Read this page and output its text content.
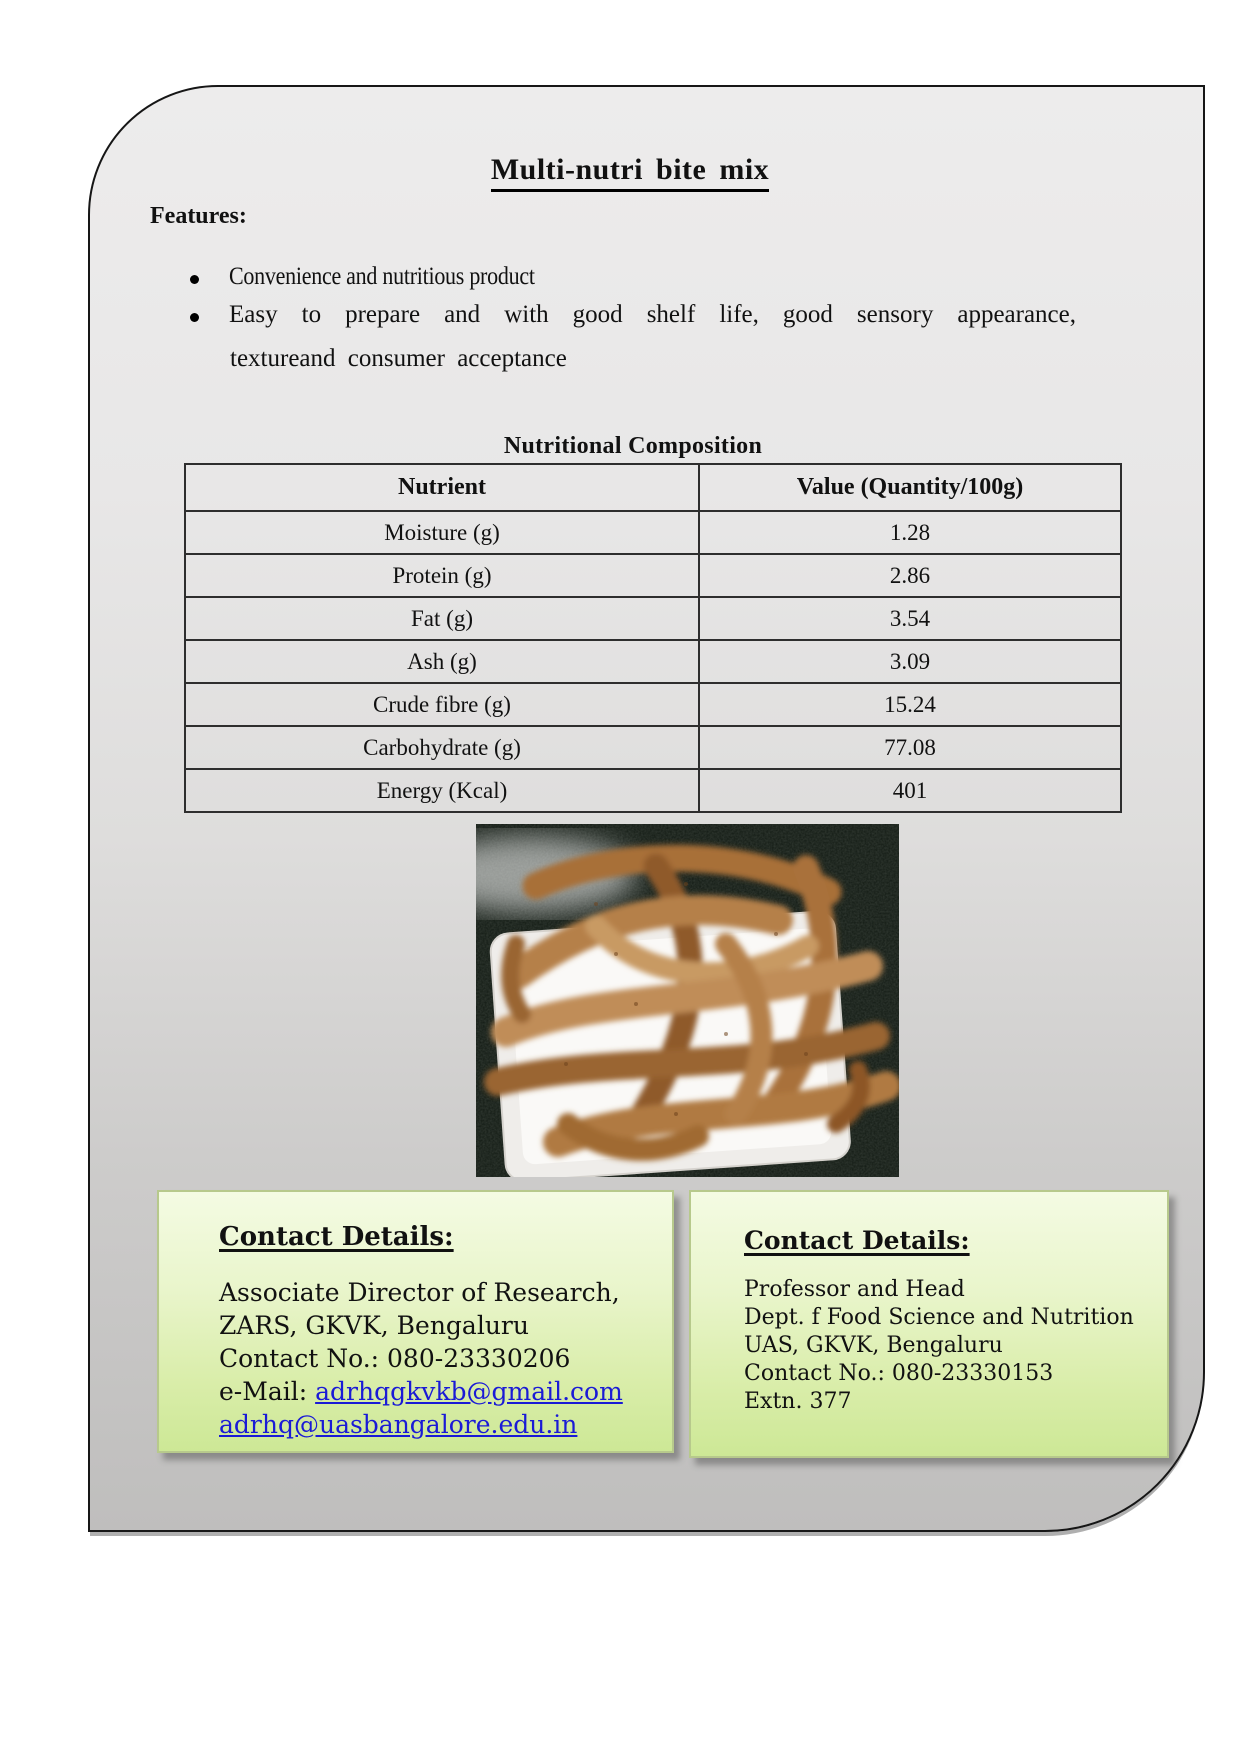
Multi-nutri bite mix
Features:
Convenience and nutritious product
Easy to prepare and with good shelf life, good sensory appearance,
textureand consumer acceptance
Nutritional Composition
Nutrient	Value (Quantity/100g)
Moisture (g)	1.28
Protein (g)	2.86
Fat (g)	3.54
Ash (g)	3.09
Crude fibre (g)	15.24
Carbohydrate (g)	77.08
Energy (Kcal)	401
Contact Details:
Associate Director of Research,
ZARS, GKVK, Bengaluru
Contact No.: 080-23330206
e-Mail: adrhqgkvkb@gmail.com
adrhq@uasbangalore.edu.in
Contact Details:
Professor and Head
Dept. f Food Science and Nutrition
UAS, GKVK, Bengaluru
Contact No.: 080-23330153
Extn. 377
